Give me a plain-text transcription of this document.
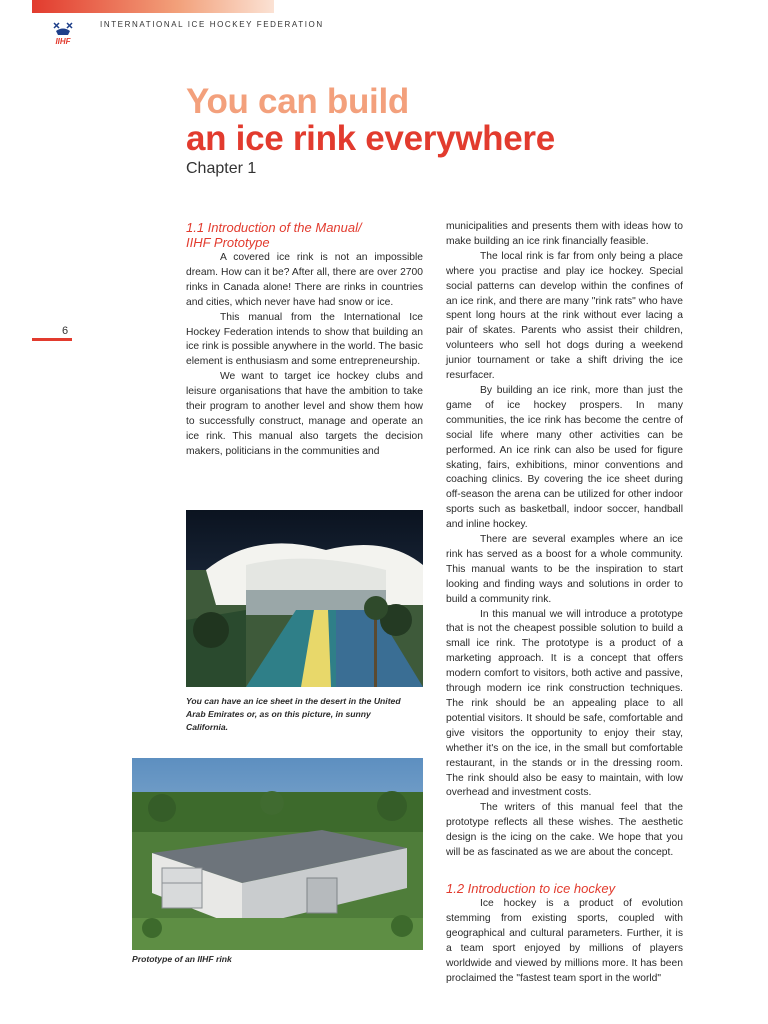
IIHF
INTERNATIONAL ICE HOCKEY FEDERATION
6
You can build
an ice rink everywhere
Chapter 1
1.1 Introduction of the Manual/
IIHF Prototype

A covered ice rink is not an impossible dream. How can it be? After all, there are over 2700 rinks in Canada alone! There are rinks in countries and cities, which never have had snow or ice.

This manual from the International Ice Hockey Federation intends to show that building an ice rink is possible anywhere in the world. The basic element is enthusiasm and some entrepreneurship.

We want to target ice hockey clubs and leisure organisations that have the ambition to take their program to another level and show them how to successfully construct, manage and operate an ice rink. This manual also targets the decision makers, politicians in the communities and

You can have an ice sheet in the desert in the United Arab Emirates or, as on this picture, in sunny California.
Prototype of an IIHF rink

municipalities and presents them with ideas how to make building an ice rink financially feasible.

The local rink is far from only being a place where you practise and play ice hockey. Special social patterns can develop within the confines of an ice rink, and there are many "rink rats" who have spent long hours at the rink without ever lacing a pair of skates. Parents who assist their children, volunteers who sell hot dogs during a weekend junior tournament or take a shift driving the ice resurfacer.

By building an ice rink, more than just the game of ice hockey prospers. In many communities, the ice rink has become the centre of social life where many other activities can be performed. An ice rink can also be used for figure skating, fairs, exhibitions, minor conventions and coaching clinics. By covering the ice sheet during off-season the arena can be utilized for other indoor sports such as basketball, indoor soccer, handball and inline hockey.

There are several examples where an ice rink has served as a boost for a whole community. This manual wants to be the inspiration to start looking and finding ways and solutions in order to build a community rink.

In this manual we will introduce a prototype that is not the cheapest possible solution to build a small ice rink. The prototype is a product of a marketing approach. It is a concept that offers modern comfort to visitors, both active and passive, through modern ice rink construction techniques. The rink should be an appealing place to all potential visitors. It should be safe, comfortable and give visitors the opportunity to enjoy their stay, whether it's on the ice, in the small but comfortable restaurant, in the stands or in the dressing room. The rink should also be easy to maintain, with low overhead and investment costs.

The writers of this manual feel that the prototype reflects all these wishes. The aesthetic design is the icing on the cake. We hope that you will be as fascinated as we are about the concept.

1.2 Introduction to ice hockey

Ice hockey is a product of evolution stemming from existing sports, coupled with geographical and cultural parameters. Further, it is a team sport enjoyed by millions of players worldwide and viewed by millions more. It has been proclaimed the "fastest team sport in the world"
